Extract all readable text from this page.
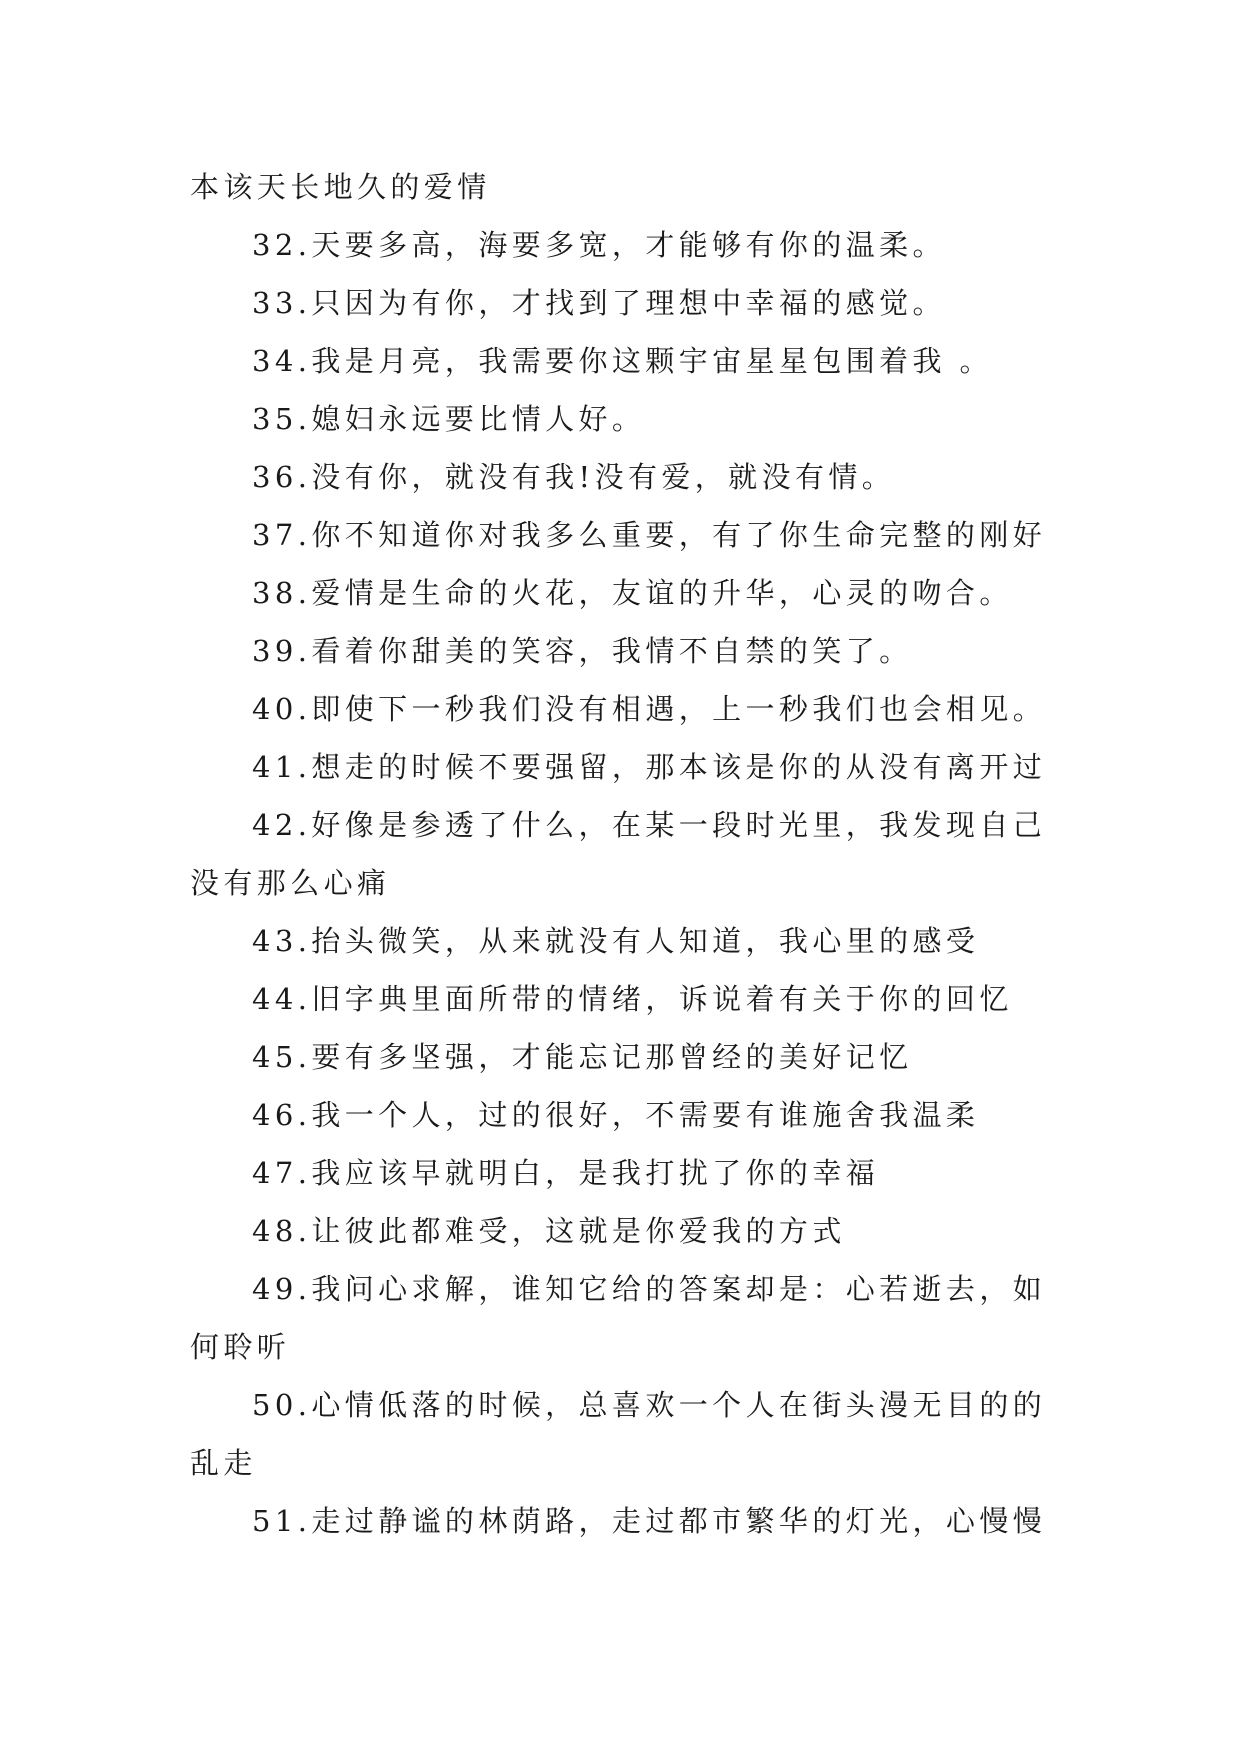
本该天长地久的爱情
32.天要多高，海要多宽，才能够有你的温柔。
33.只因为有你，才找到了理想中幸福的感觉。
34.我是月亮，我需要你这颗宇宙星星包围着我 。
35.媳妇永远要比情人好。
36.没有你，就没有我!没有爱，就没有情。
37.你不知道你对我多么重要，有了你生命完整的刚好
38.爱情是生命的火花，友谊的升华，心灵的吻合。
39.看着你甜美的笑容，我情不自禁的笑了。
40.即使下一秒我们没有相遇，上一秒我们也会相见。
41.想走的时候不要强留，那本该是你的从没有离开过
42.好像是参透了什么，在某一段时光里，我发现自己
没有那么心痛
43.抬头微笑，从来就没有人知道，我心里的感受
44.旧字典里面所带的情绪，诉说着有关于你的回忆
45.要有多坚强，才能忘记那曾经的美好记忆
46.我一个人，过的很好，不需要有谁施舍我温柔
47.我应该早就明白，是我打扰了你的幸福
48.让彼此都难受，这就是你爱我的方式
49.我问心求解，谁知它给的答案却是：心若逝去，如
何聆听
50.心情低落的时候，总喜欢一个人在街头漫无目的的
乱走
51.走过静谧的林荫路，走过都市繁华的灯光，心慢慢
